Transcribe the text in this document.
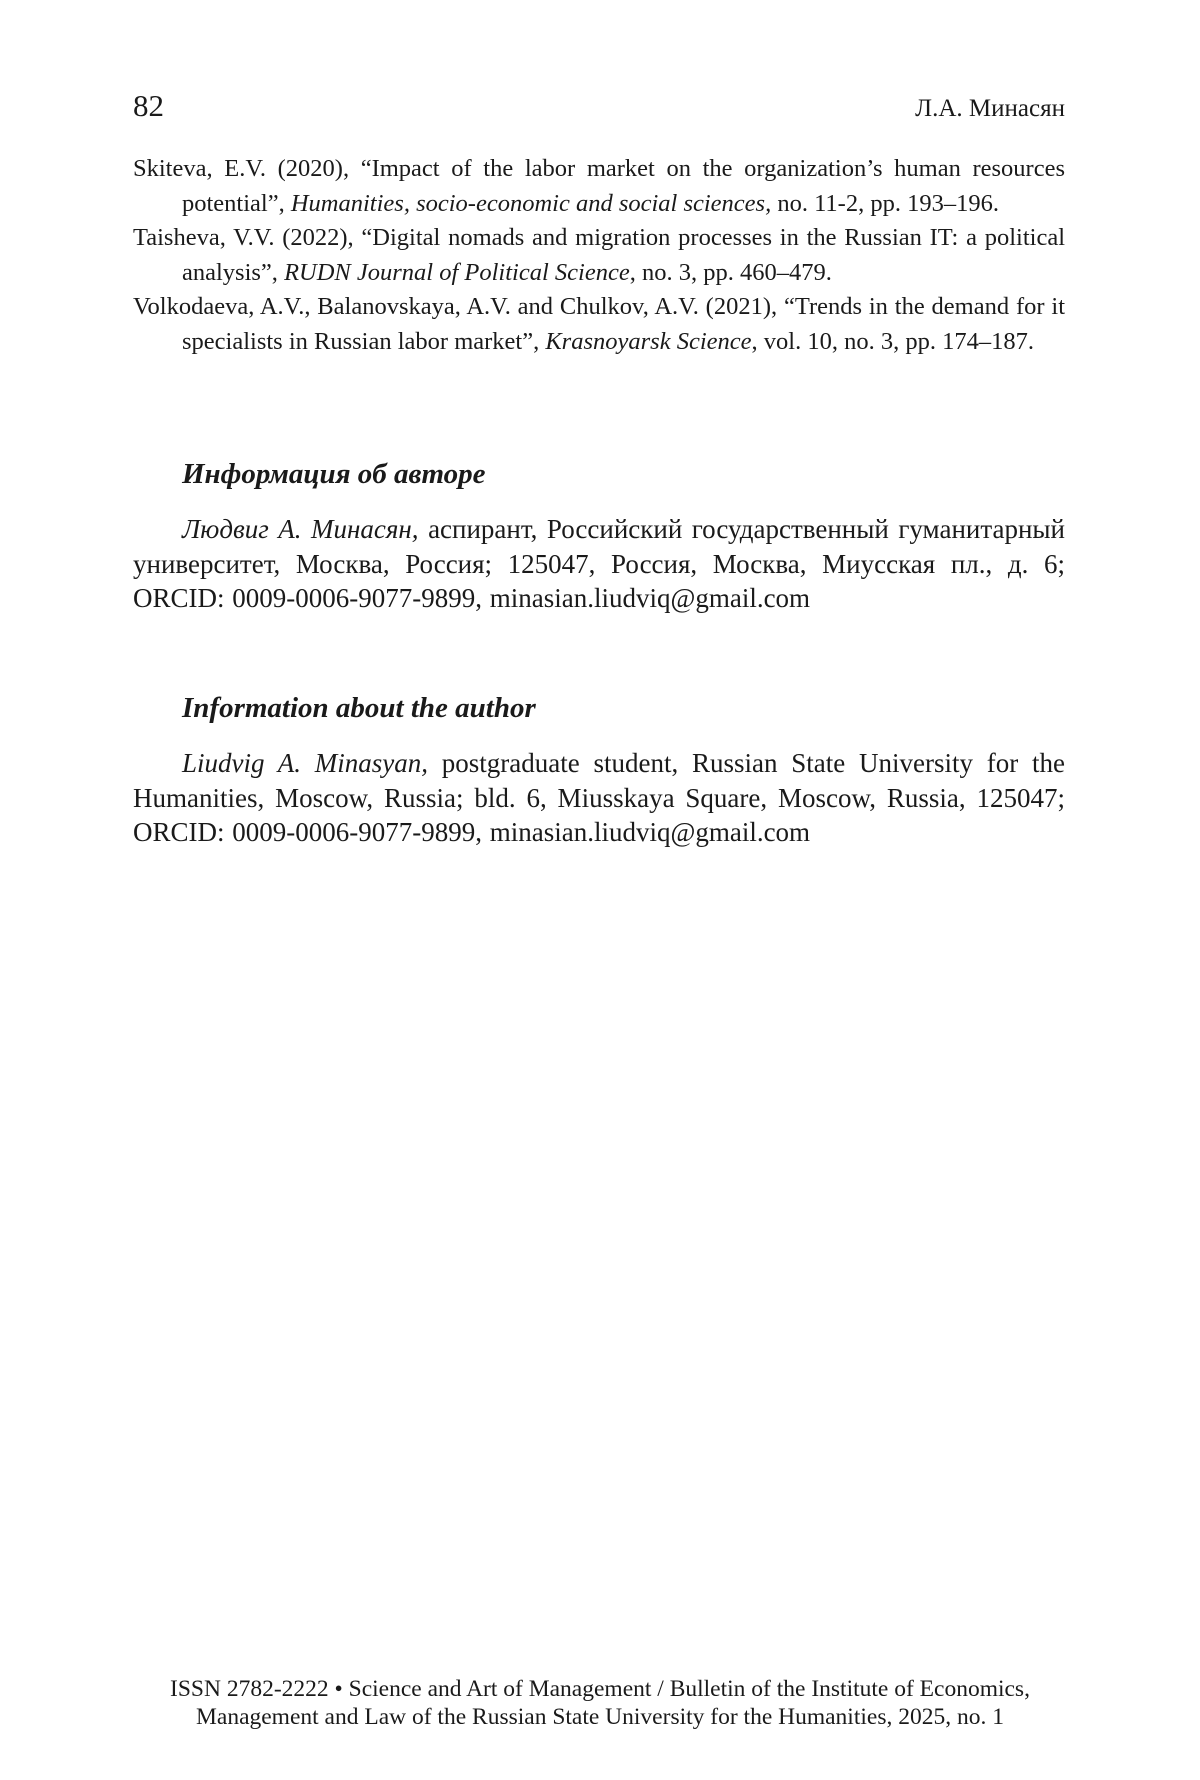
82	Л.А. Минасян

Skiteva, E.V. (2020), “Impact of the labor market on the organization’s human resources potential”, Humanities, socio-economic and social sciences, no. 11-2, pp. 193–196.

Taisheva, V.V. (2022), “Digital nomads and migration processes in the Russian IT: a political analysis”, RUDN Journal of Political Science, no. 3, pp. 460–479.

Volkodaeva, A.V., Balanovskaya, A.V. and Chulkov, A.V. (2021), “Trends in the demand for it specialists in Russian labor market”, Krasnoyarsk Science, vol. 10, no. 3, pp. 174–187.

Информация об авторе

Людвиг А. Минасян, аспирант, Российский государственный гуманитарный университет, Москва, Россия; 125047, Россия, Москва, Миусская пл., д. 6; ORCID: 0009-0006-9077-9899, minasian.liudviq@gmail.com

Information about the author

Liudvig A. Minasyan, postgraduate student, Russian State University for the Humanities, Moscow, Russia; bld. 6, Miusskaya Square, Moscow, Russia, 125047; ORCID: 0009-0006-9077-9899, minasian.liudviq@gmail.com

ISSN 2782-2222 • Science and Art of Management / Bulletin of the Institute of Economics,

Management and Law of the Russian State University for the Humanities, 2025, no. 1
